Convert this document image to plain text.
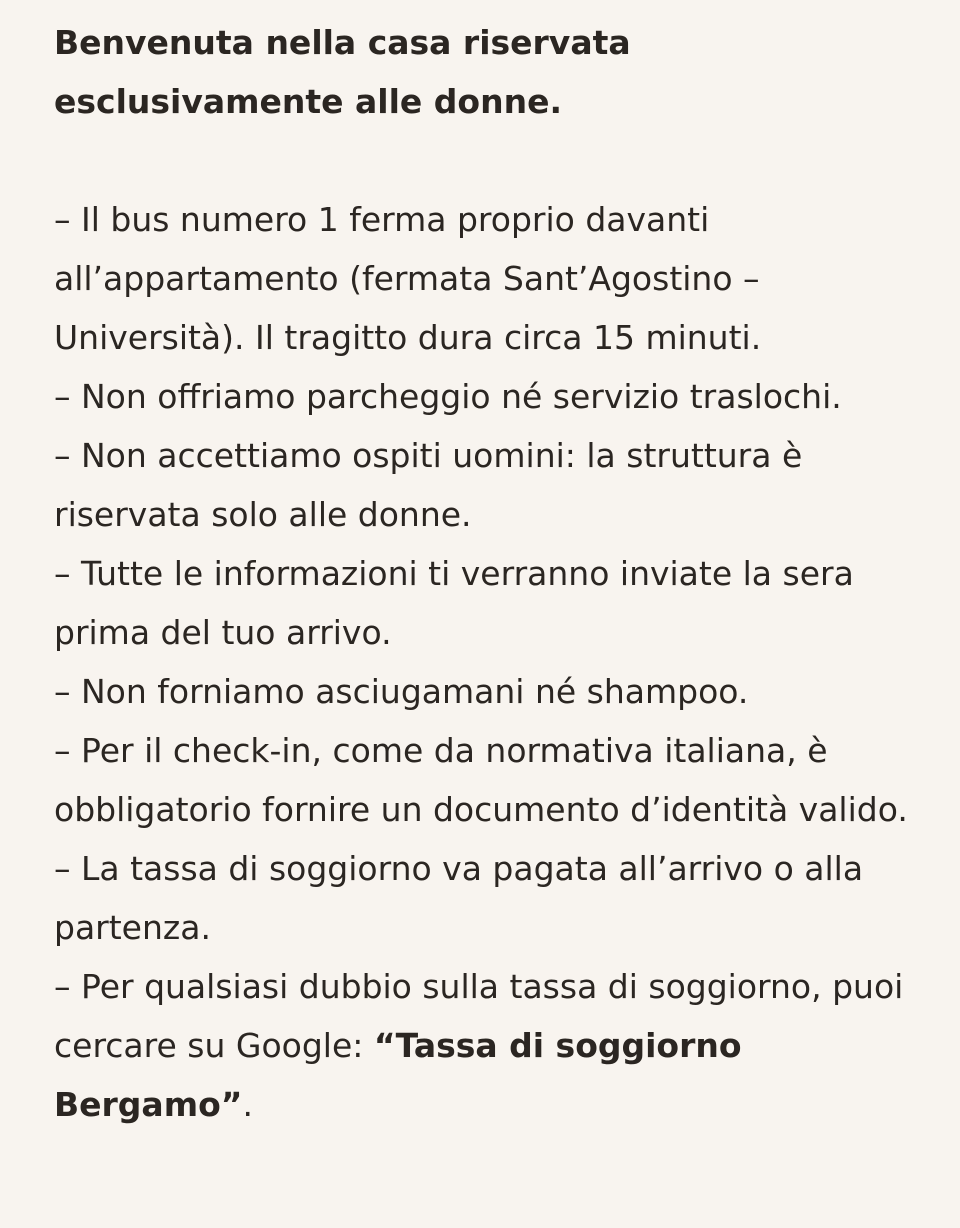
Benvenuta nella casa riservata
esclusivamente alle donne.
– Il bus numero 1 ferma proprio davanti all’appartamento (fermata Sant’Agostino – Università). Il tragitto dura circa 15 minuti.
– Non offriamo parcheggio né servizio traslochi.
– Non accettiamo ospiti uomini: la struttura è riservata solo alle donne.
– Tutte le informazioni ti verranno inviate la sera prima del tuo arrivo.
– Non forniamo asciugamani né shampoo.
– Per il check-in, come da normativa italiana, è obbligatorio fornire un documento d’identità valido.
– La tassa di soggiorno va pagata all’arrivo o alla partenza.
– Per qualsiasi dubbio sulla tassa di soggiorno, puoi cercare su Google: “Tassa di soggiorno Bergamo”.
